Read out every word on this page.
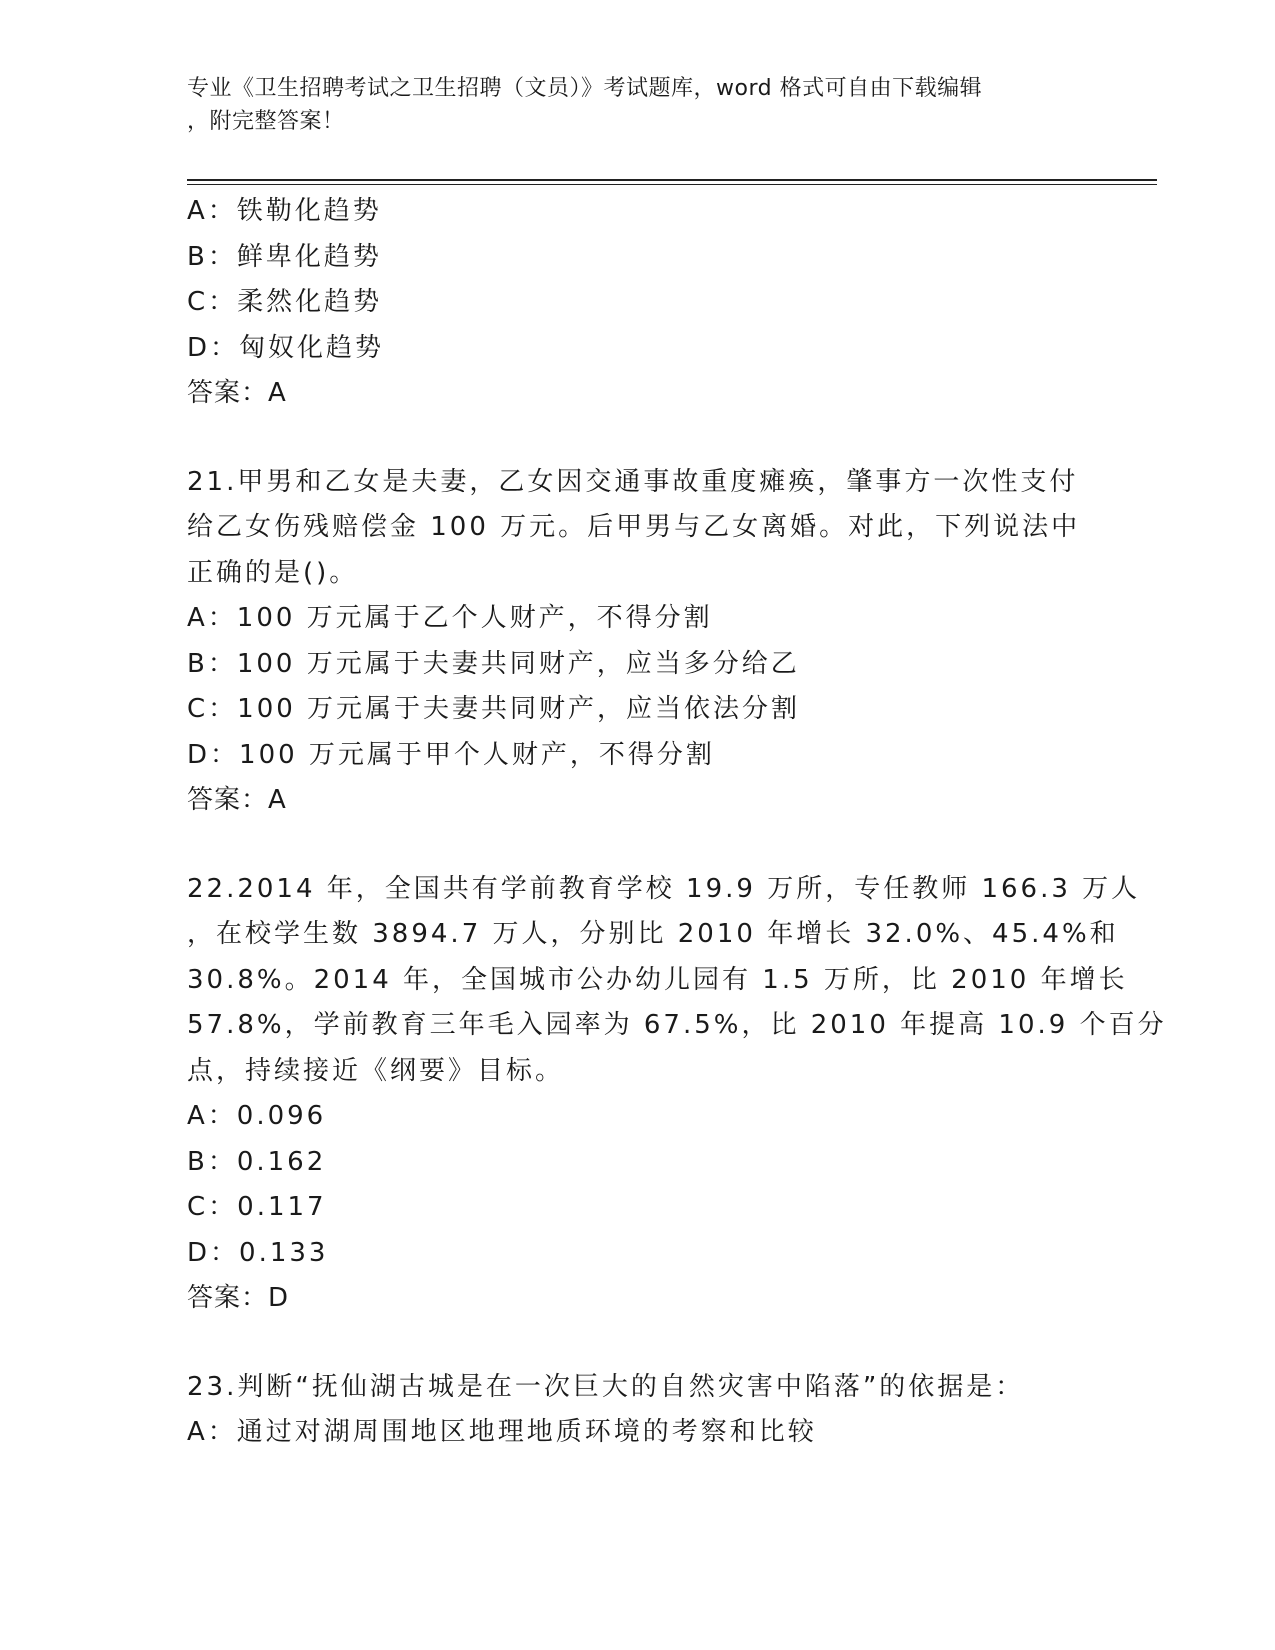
专业《卫生招聘考试之卫生招聘（文员）》考试题库，word 格式可自由下载编辑
，附完整答案！
A：铁勒化趋势
B：鲜卑化趋势
C：柔然化趋势
D：匈奴化趋势
答案：A
21.甲男和乙女是夫妻，乙女因交通事故重度瘫痪，肇事方一次性支付
给乙女伤残赔偿金 100 万元。后甲男与乙女离婚。对此，下列说法中
正确的是()。
A：100 万元属于乙个人财产，不得分割
B：100 万元属于夫妻共同财产，应当多分给乙
C：100 万元属于夫妻共同财产，应当依法分割
D：100 万元属于甲个人财产，不得分割
答案：A
22.2014 年，全国共有学前教育学校 19.9 万所，专任教师 166.3 万人
，在校学生数 3894.7 万人，分别比 2010 年增长 32.0%、45.4%和
30.8%。2014 年，全国城市公办幼儿园有 1.5 万所，比 2010 年增长
57.8%，学前教育三年毛入园率为 67.5%，比 2010 年提高 10.9 个百分
点，持续接近《纲要》目标。
A：0.096
B：0.162
C：0.117
D：0.133
答案：D
23.判断“抚仙湖古城是在一次巨大的自然灾害中陷落”的依据是：
A：通过对湖周围地区地理地质环境的考察和比较
